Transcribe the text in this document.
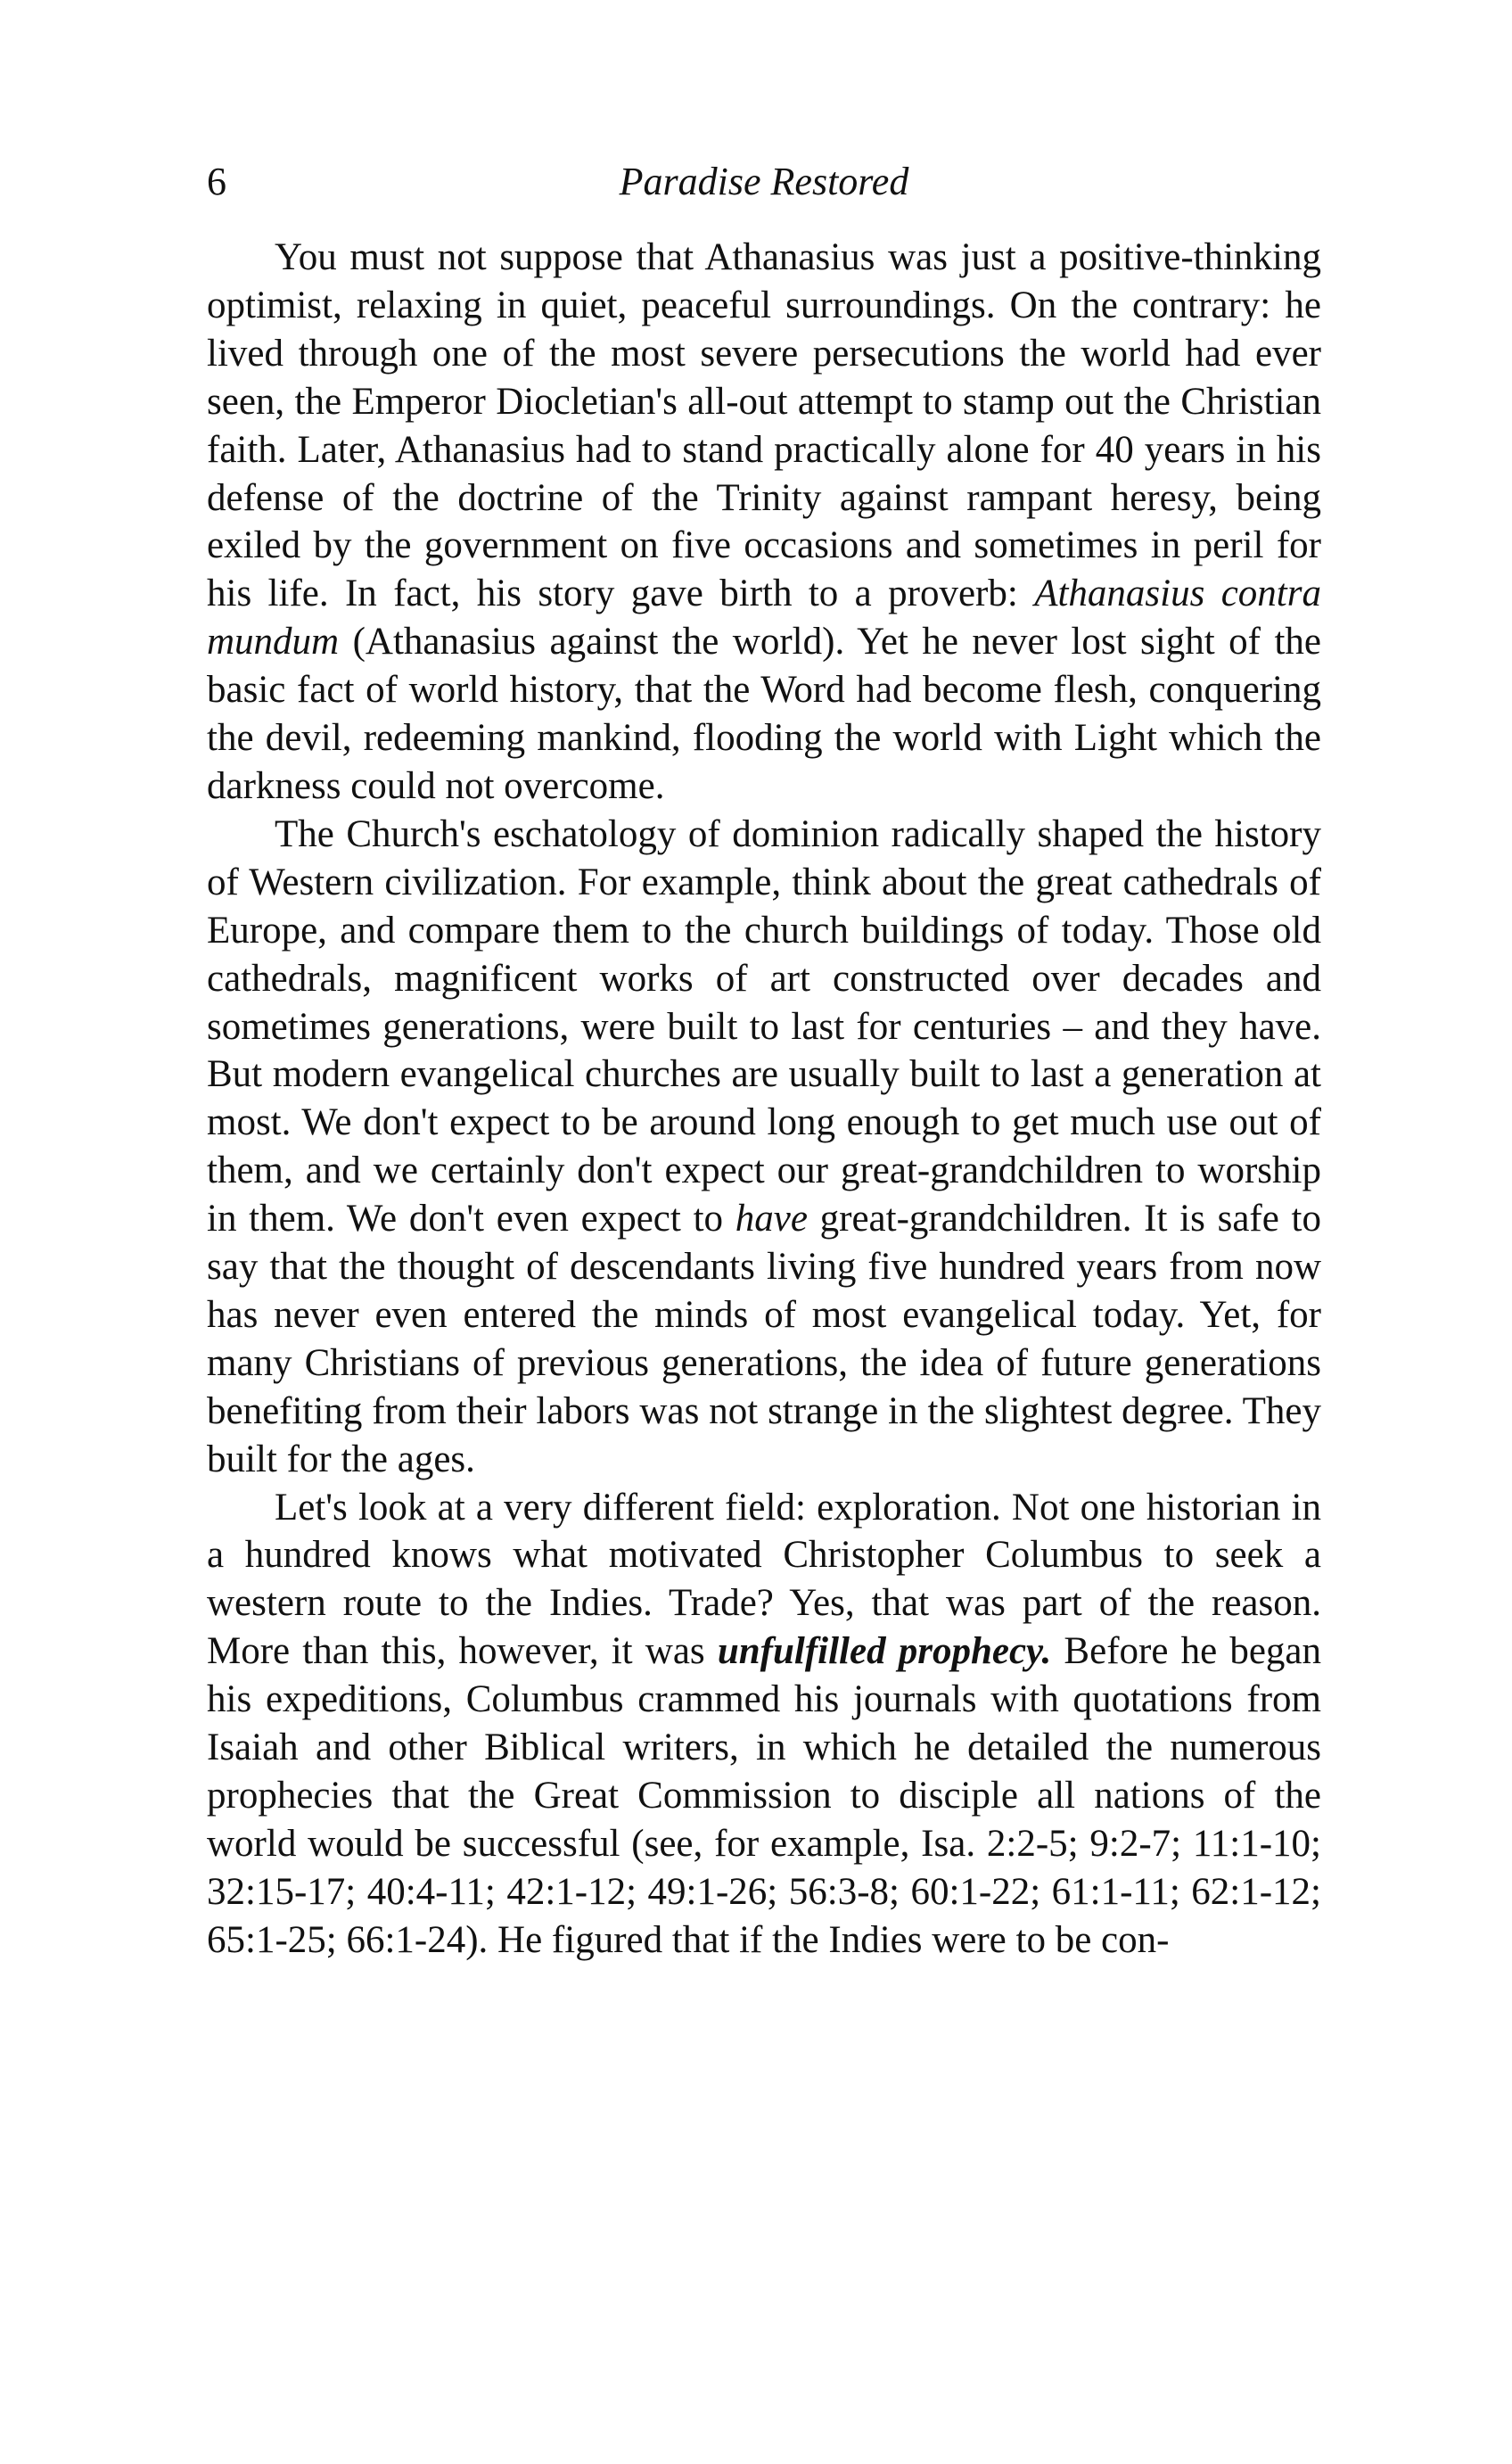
6	Paradise Restored

You must not suppose that Athanasius was just a positive-thinking optimist, relaxing in quiet, peaceful surroundings. On the contrary: he lived through one of the most severe persecutions the world had ever seen, the Emperor Diocletian's all-out attempt to stamp out the Christian faith. Later, Athanasius had to stand practically alone for 40 years in his defense of the doctrine of the Trinity against rampant heresy, being exiled by the government on five occasions and sometimes in peril for his life. In fact, his story gave birth to a proverb: Athanasius contra mundum (Athanasius against the world). Yet he never lost sight of the basic fact of world history, that the Word had become flesh, conquering the devil, redeeming mankind, flooding the world with Light which the darkness could not overcome.

The Church's eschatology of dominion radically shaped the history of Western civilization. For example, think about the great cathedrals of Europe, and compare them to the church buildings of today. Those old cathedrals, magnificent works of art constructed over decades and sometimes generations, were built to last for centuries – and they have. But modern evangelical churches are usually built to last a generation at most. We don't expect to be around long enough to get much use out of them, and we certainly don't expect our great-grandchildren to worship in them. We don't even expect to have great-grandchildren. It is safe to say that the thought of descendants living five hundred years from now has never even entered the minds of most evangelical today. Yet, for many Christians of previous generations, the idea of future generations benefiting from their labors was not strange in the slightest degree. They built for the ages.

Let's look at a very different field: exploration. Not one historian in a hundred knows what motivated Christopher Columbus to seek a western route to the Indies. Trade? Yes, that was part of the reason. More than this, however, it was unfulfilled prophecy. Before he began his expeditions, Columbus crammed his journals with quotations from Isaiah and other Biblical writers, in which he detailed the numerous prophecies that the Great Commission to disciple all nations of the world would be successful (see, for example, Isa. 2:2-5; 9:2-7; 11:1-10; 32:15-17; 40:4-11; 42:1-12; 49:1-26; 56:3-8; 60:1-22; 61:1-11; 62:1-12; 65:1-25; 66:1-24). He figured that if the Indies were to be con-
